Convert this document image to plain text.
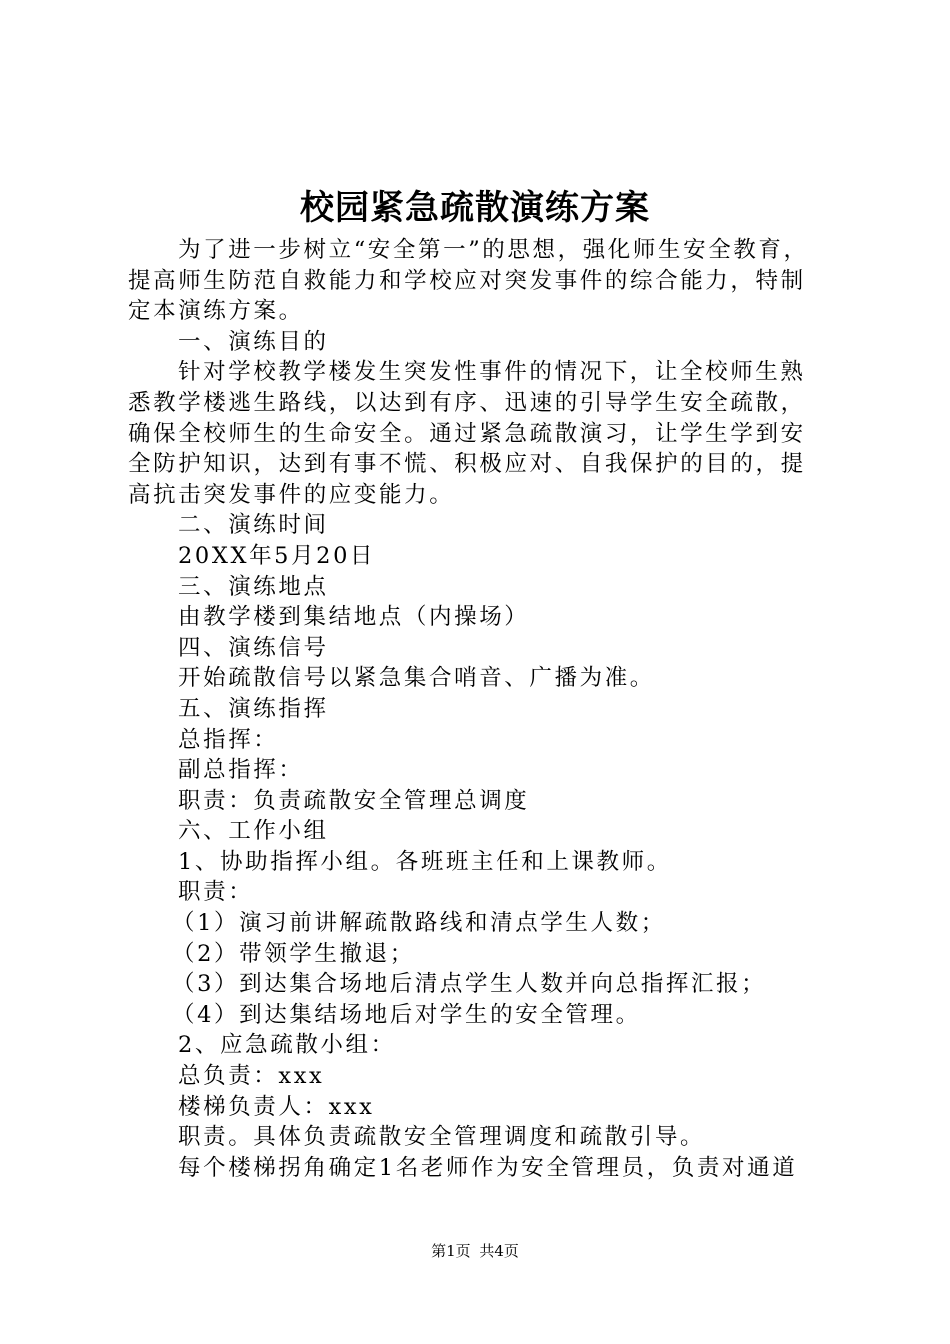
校园紧急疏散演练方案
为了进一步树立“安全第一”的思想，强化师生安全教育，
提高师生防范自救能力和学校应对突发事件的综合能力，特制
定本演练方案。
一、演练目的
针对学校教学楼发生突发性事件的情况下，让全校师生熟
悉教学楼逃生路线，以达到有序、迅速的引导学生安全疏散，
确保全校师生的生命安全。通过紧急疏散演习，让学生学到安
全防护知识，达到有事不慌、积极应对、自我保护的目的，提
高抗击突发事件的应变能力。
二、演练时间
20XX年5月20日
三、演练地点
由教学楼到集结地点（内操场）
四、演练信号
开始疏散信号以紧急集合哨音、广播为准。
五、演练指挥
总指挥：
副总指挥：
职责：负责疏散安全管理总调度
六、工作小组
1、协助指挥小组。各班班主任和上课教师。
职责：
（1）演习前讲解疏散路线和清点学生人数；
（2）带领学生撤退；
（3）到达集合场地后清点学生人数并向总指挥汇报；
（4）到达集结场地后对学生的安全管理。
2、应急疏散小组：
总负责：xxx
楼梯负责人：xxx
职责。具体负责疏散安全管理调度和疏散引导。
每个楼梯拐角确定1名老师作为安全管理员，负责对通道
第1页 共4页
